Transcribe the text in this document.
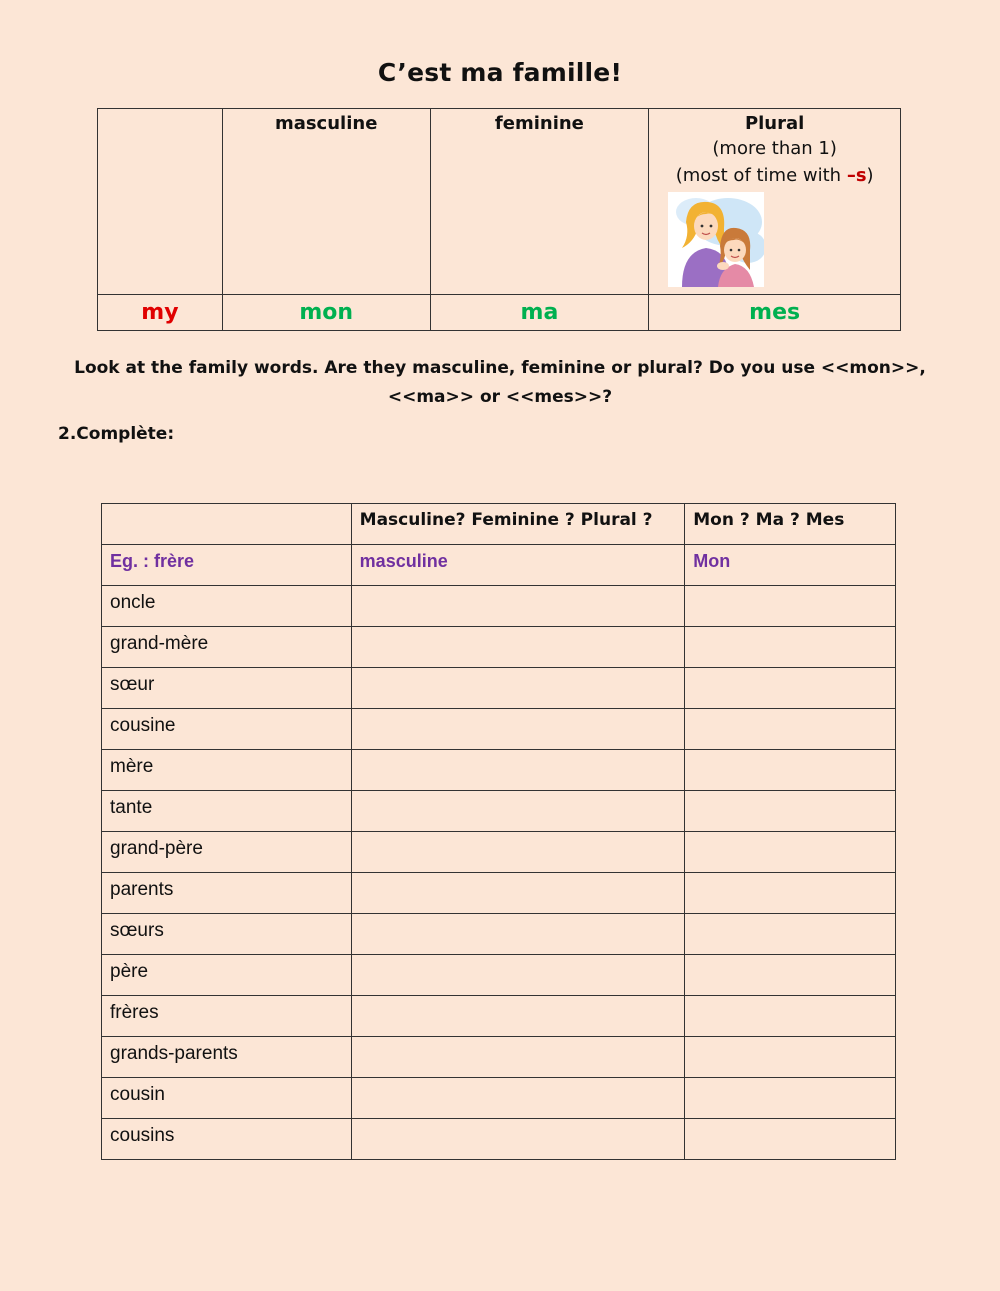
C’est ma famille!

	masculine	feminine	Plural
(more than 1)
(most of time with –s)

my	mon	ma	mes
Look at the family words. Are they masculine, feminine or plural? Do you use <<mon>>, <<ma>> or <<mes>>?
2.Complète:
	Masculine? Feminine ? Plural ?	Mon ? Ma ? Mes
Eg. : frère	masculine	Mon
oncle		
grand-mère		
sœur		
cousine		
mère		
tante		
grand-père		
parents		
sœurs		
père		
frères		
grands-parents		
cousin		
cousins		
